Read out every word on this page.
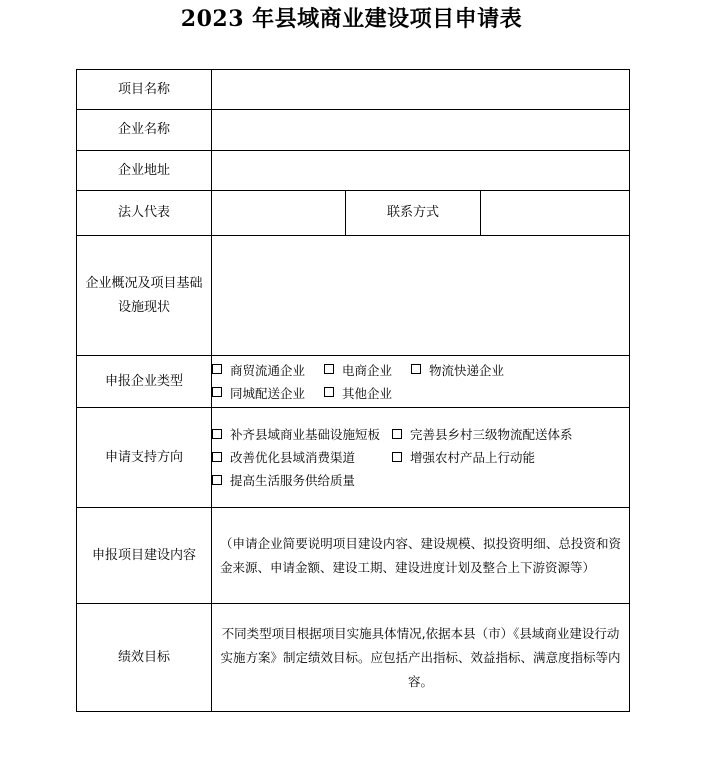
2023 年县域商业建设项目申请表
项目名称			
企业名称			
企业地址			
法人代表		联系方式	

企业概况及项目基础
设施现状			

申报企业类型	商贸流通企业 电商企业 物流快递企业
同城配送企业 其他企业		

申请支持方向	补齐县域商业基础设施短板 完善县乡村三级物流配送体系
改善优化县域消费渠道 增强农村产品上行动能
提高生活服务供给质量		

申报项目建设内容	（申请企业简要说明项目建设内容、建设规模、拟投资明细、总投资和资金来源、申请金额、建设工期、建设进度计划及整合上下游资源等）		

绩效目标	不同类型项目根据项目实施具体情况,依据本县（市）《县域商业建设行动实施方案》制定绩效目标。应包括产出指标、效益指标、满意度指标等内容。		
